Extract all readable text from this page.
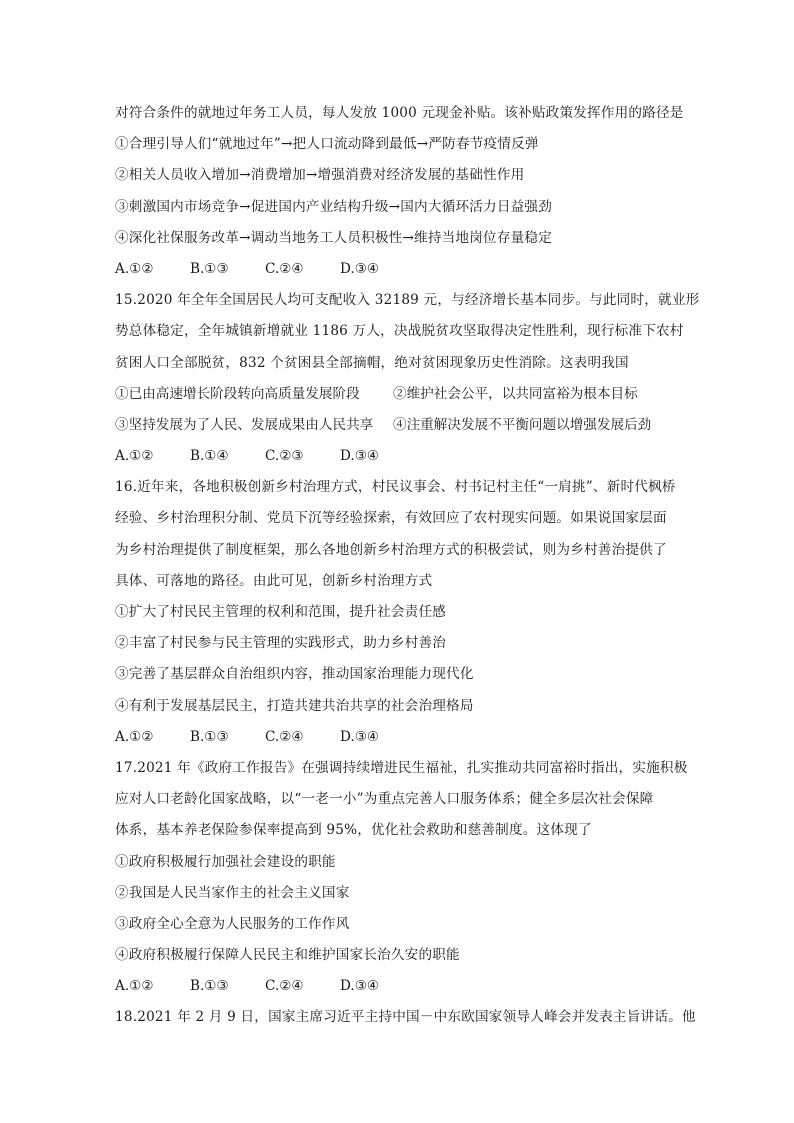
对符合条件的就地过年务工人员，每人发放 1000 元现金补贴。该补贴政策发挥作用的路径是
①合理引导人们“就地过年”→把人口流动降到最低→严防春节疫情反弹
②相关人员收入增加→消费增加→增强消费对经济发展的基础性作用
③刺激国内市场竞争→促进国内产业结构升级→国内大循环活力日益强劲
④深化社保服务改革→调动当地务工人员积极性→维持当地岗位存量稳定
A.①②	B.①③	C.②④	D.③④
15.2020 年全年全国居民人均可支配收入 32189 元，与经济增长基本同步。与此同时，就业形
势总体稳定，全年城镇新增就业 1186 万人，决战脱贫攻坚取得决定性胜利，现行标准下农村
贫困人口全部脱贫，832 个贫困县全部摘帽，绝对贫困现象历史性消除。这表明我国
①已由高速增长阶段转向高质量发展阶段	②维护社会公平，以共同富裕为根本目标
③坚持发展为了人民、发展成果由人民共享	④注重解决发展不平衡问题以增强发展后劲
A.①②	B.①④	C.②③	D.③④
16.近年来，各地积极创新乡村治理方式，村民议事会、村书记村主任“一肩挑”、新时代枫桥
经验、乡村治理积分制、党员下沉等经验探索，有效回应了农村现实问题。如果说国家层面
为乡村治理提供了制度框架，那么各地创新乡村治理方式的积极尝试，则为乡村善治提供了
具体、可落地的路径。由此可见，创新乡村治理方式
①扩大了村民民主管理的权利和范围，提升社会责任感
②丰富了村民参与民主管理的实践形式，助力乡村善治
③完善了基层群众自治组织内容，推动国家治理能力现代化
④有利于发展基层民主，打造共建共治共享的社会治理格局
A.①②	B.①③	C.②④	D.③④
17.2021 年《政府工作报告》在强调持续增进民生福祉，扎实推动共同富裕时指出，实施积极
应对人口老龄化国家战略，以“一老一小”为重点完善人口服务体系；健全多层次社会保障
体系，基本养老保险参保率提高到 95%，优化社会救助和慈善制度。这体现了
①政府积极履行加强社会建设的职能
②我国是人民当家作主的社会主义国家
③政府全心全意为人民服务的工作作风
④政府积极履行保障人民民主和维护国家长治久安的职能
A.①②	B.①③	C.②④	D.③④
18.2021 年 2 月 9 日，国家主席习近平主持中国－中东欧国家领导人峰会并发表主旨讲话。他
